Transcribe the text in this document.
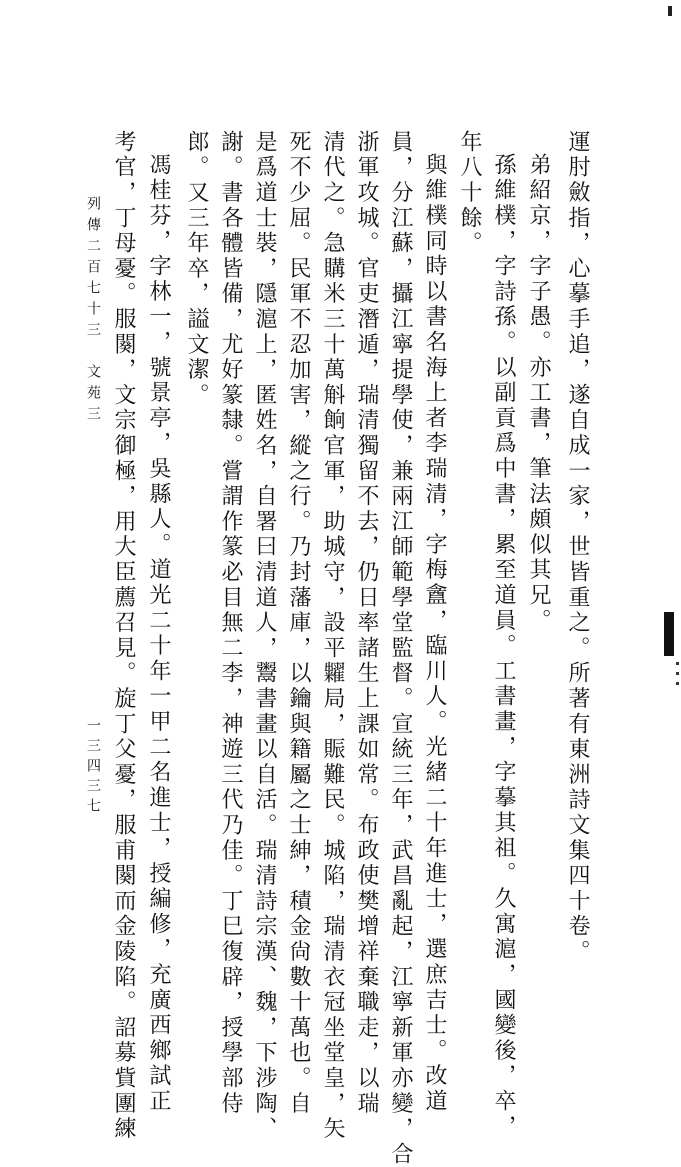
運肘斂指，心摹手追，遂自成一家，世皆重之。所著有東洲詩文集四十卷。
弟紹京，字子愚。亦工書，筆法頗似其兄。
孫維樸，字詩孫。以副貢爲中書，累至道員。工書畫，字摹其祖。久寓滬，國變後，卒，
年八十餘。
與維樸同時以書名海上者李瑞清，字梅盦，臨川人。光緒二十年進士，選庶吉士。改道
員，分江蘇，攝江寧提學使，兼兩江師範學堂監督。宣統三年，武昌亂起，江寧新軍亦變，合
浙軍攻城。官吏潛遁，瑞清獨留不去，仍日率諸生上課如常。布政使樊增祥棄職走，以瑞
清代之。急購米三十萬斛餉官軍，助城守，設平糶局，賑難民。城陷，瑞清衣冠坐堂皇，矢
死不少屈。民軍不忍加害，縱之行。乃封藩庫，以鑰與籍屬之士紳，積金尙數十萬也。自
是爲道士裝，隱滬上，匿姓名，自署曰清道人，鬻書畫以自活。瑞清詩宗漢、魏，下涉陶、
謝。書各體皆備，尤好篆隸。嘗謂作篆必目無二李，神遊三代乃佳。丁巳復辟，授學部侍
郎。又三年卒，謚文潔。
馮桂芬，字林一，號景亭，吳縣人。道光二十年一甲二名進士，授編修，充廣西鄉試正
考官，丁母憂。服闋，文宗御極，用大臣薦召見。旋丁父憂，服甫闋而金陵陷。詔募貲團練
列傳二百七十三　文苑三
一三四三七
